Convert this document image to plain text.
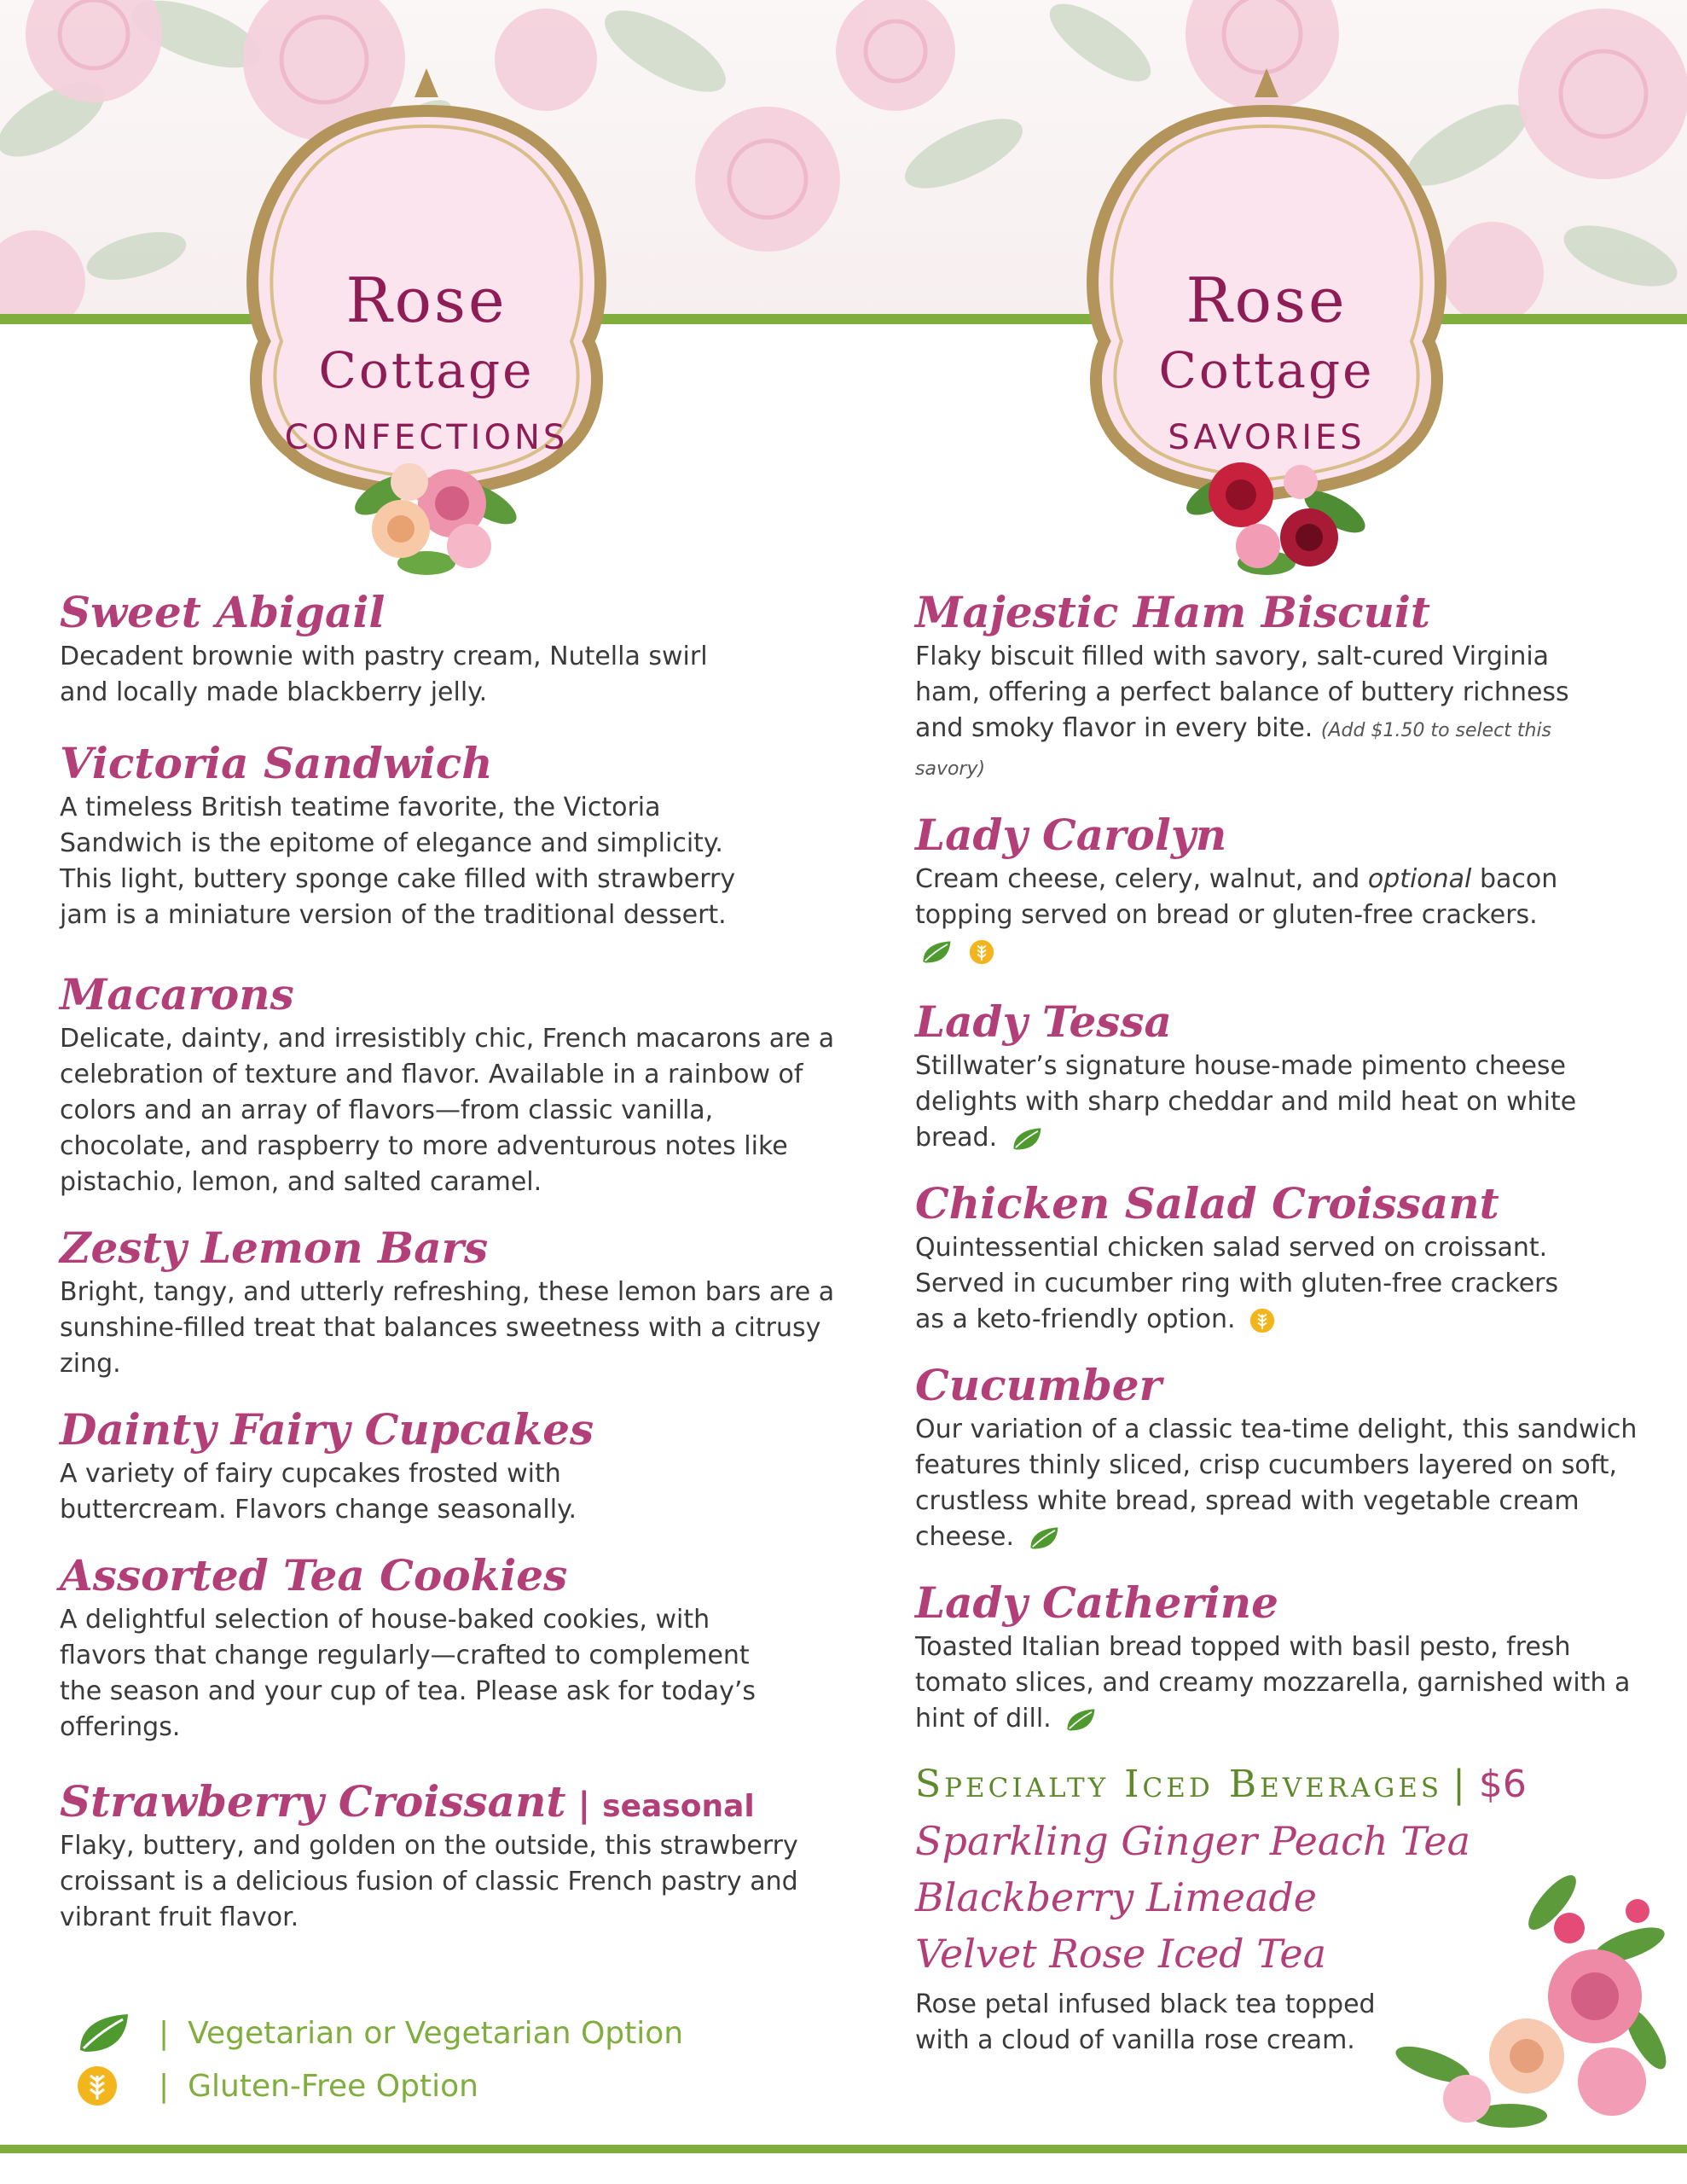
Rose
Cottage
CONFECTIONS
Rose
Cottage
SAVORIES
Sweet Abigail

Decadent brownie with pastry cream, Nutella swirl and locally made blackberry jelly.

Victoria Sandwich

A timeless British teatime favorite, the Victoria Sandwich is the epitome of elegance and simplicity. This light, buttery sponge cake filled with strawberry jam is a miniature version of the traditional dessert.

Macarons

Delicate, dainty, and irresistibly chic, French macarons are a celebration of texture and flavor. Available in a rainbow of colors and an array of flavors—from classic vanilla, chocolate, and raspberry to more adventurous notes like pistachio, lemon, and salted caramel.

Zesty Lemon Bars

Bright, tangy, and utterly refreshing, these lemon bars are a sunshine-filled treat that balances sweetness with a citrusy zing.

Dainty Fairy Cupcakes

A variety of fairy cupcakes frosted with buttercream. Flavors change seasonally.

Assorted Tea Cookies

A delightful selection of house-baked cookies, with flavors that change regularly—crafted to complement the season and your cup of tea. Please ask for today’s offerings.

Strawberry Croissant | seasonal

Flaky, buttery, and golden on the outside, this strawberry croissant is a delicious fusion of classic French pastry and vibrant fruit flavor.

| Vegetarian or Vegetarian Option
| Gluten-Free Option
Majestic Ham Biscuit

Flaky biscuit filled with savory, salt-cured Virginia ham, offering a perfect balance of buttery richness and smoky flavor in every bite. (Add $1.50 to select this savory)

Lady Carolyn

Cream cheese, celery, walnut, and optional bacon topping served on bread or gluten-free crackers.

Lady Tessa

Stillwater’s signature house-made pimento cheese delights with sharp cheddar and mild heat on white bread.

Chicken Salad Croissant

Quintessential chicken salad served on croissant. Served in cucumber ring with gluten-free crackers as a keto-friendly option.

Cucumber

Our variation of a classic tea-time delight, this sandwich features thinly sliced, crisp cucumbers layered on soft, crustless white bread, spread with vegetable cream cheese.

Lady Catherine

Toasted Italian bread topped with basil pesto, fresh tomato slices, and creamy mozzarella, garnished with a hint of dill.

Specialty Iced Beverages | $6
Sparkling Ginger Peach Tea
Blackberry Limeade
Velvet Rose Iced Tea

Rose petal infused black tea topped with a cloud of vanilla rose cream.
